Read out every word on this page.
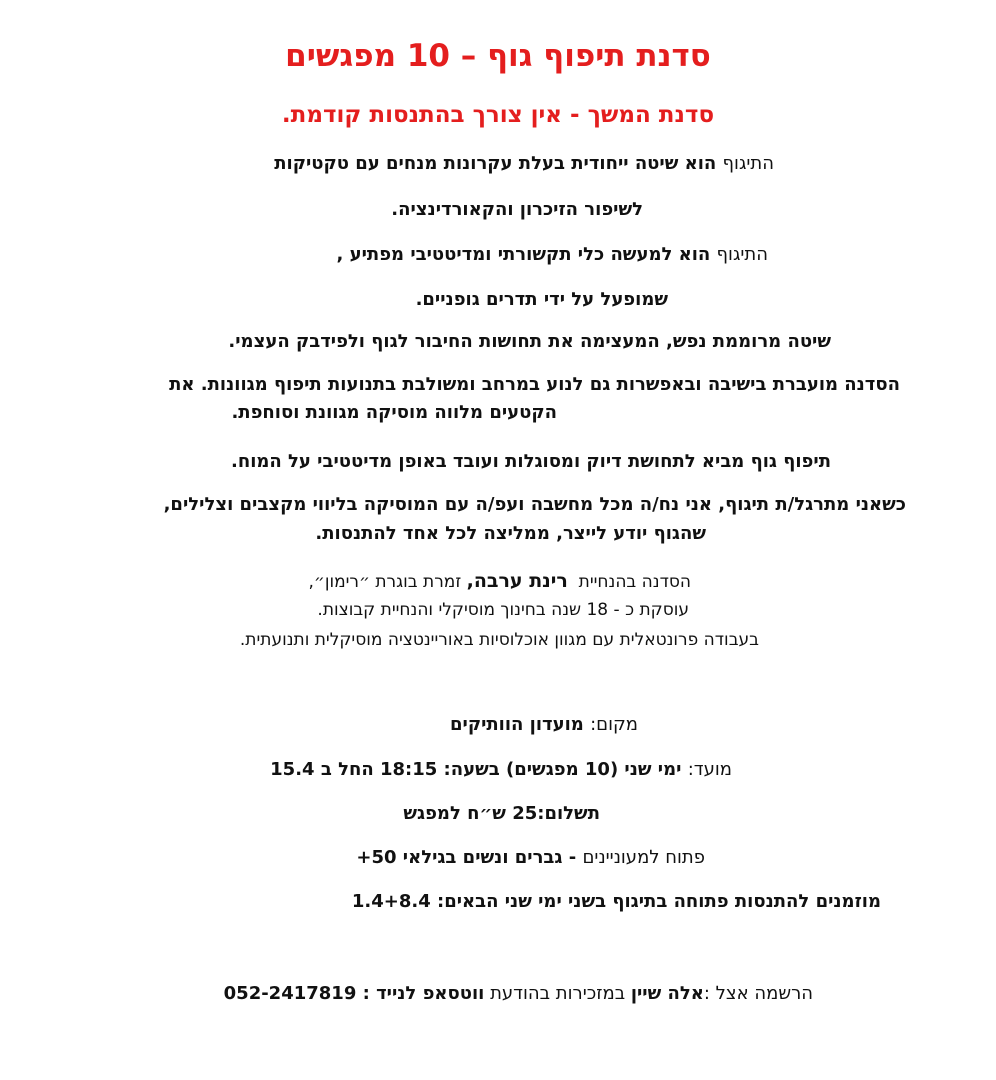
סדנת תיפוף גוף – 10 מפגשים
סדנת המשך - אין צורך בהתנסות קודמת.
התיגוף הוא שיטה ייחודית בעלת עקרונות מנחים עם טקטיקות
לשיפור הזיכרון והקאורדינציה.
התיגוף הוא למעשה כלי תקשורתי ומדיטטיבי מפתיע ,
שמופעל על ידי תדרים גופניים.
שיטה מרוממת נפש, המעצימה את תחושות החיבור לגוף ולפידבק העצמי.
הסדנה מועברת בישיבה ובאפשרות גם לנוע במרחב ומשולבת בתנועות תיפוף מגוונות. את
הקטעים מלווה מוסיקה מגוונת וסוחפת.
תיפוף גוף מביא לתחושת דיוק ומסוגלות ועובד באופן מדיטטיבי על המוח.
כשאני מתרגל/ת תיגוף, אני נח/ה מכל מחשבה ועפ/ה עם המוסיקה בליווי מקצבים וצלילים,
שהגוף יודע לייצר, ממליצה לכל אחד להתנסות.
הסדנה בהנחיית  רינת ערבה, זמרת בוגרת ״רימון״,
עוסקת כ - 18 שנה בחינוך מוסיקלי והנחיית קבוצות.
בעבודה פרונטאלית עם מגוון אוכלוסיות באוריינטציה מוסיקלית ותנועתית.
מקום: מועדון הוותיקים
מועד: ימי שני (10 מפגשים) בשעה: 18:15 החל ב 15.4
תשלום:25 ש״ח למפגש
פתוח למעוניינים - גברים ונשים בגילאי 50+
מוזמנים להתנסות פתוחה בתיגוף בשני ימי שני הבאים: 1.4+8.4
הרשמה אצל :אלה שיין במזכירות בהודעת ווטסאפ לנייד : 052-2417819
